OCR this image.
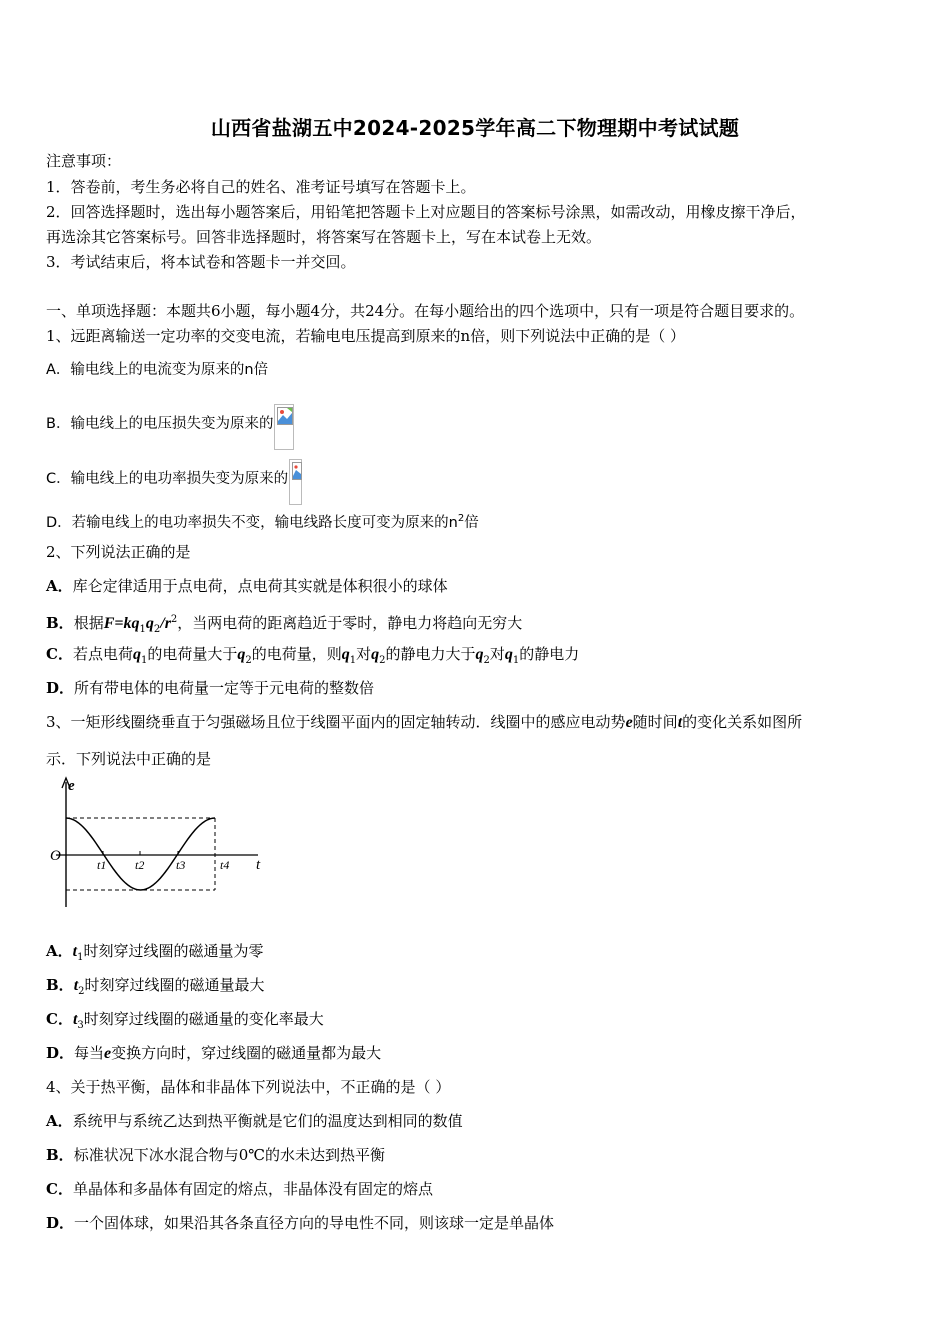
山西省盐湖五中2024-2025学年高二下物理期中考试试题
注意事项：
1．答卷前，考生务必将自己的姓名、准考证号填写在答题卡上。
2．回答选择题时，选出每小题答案后，用铅笔把答题卡上对应题目的答案标号涂黑，如需改动，用橡皮擦干净后，
再选涂其它答案标号。回答非选择题时，将答案写在答题卡上，写在本试卷上无效。
3．考试结束后，将本试卷和答题卡一并交回。
一、单项选择题：本题共6小题，每小题4分，共24分。在每小题给出的四个选项中，只有一项是符合题目要求的。
1、远距离输送一定功率的交变电流，若输电电压提高到原来的n倍，则下列说法中正确的是（ ）
A．输电线上的电流变为原来的n倍
B．输电线上的电压损失变为原来的
C．输电线上的电功率损失变为原来的
D．若输电线上的电功率损失不变，输电线路长度可变为原来的$n^2$倍
2、下列说法正确的是
A．库仑定律适用于点电荷，点电荷其实就是体积很小的球体
B．根据$F=kq_1q_2/r^2$，当两电荷的距离趋近于零时，静电力将趋向无穷大
C．若点电荷$q_1$的电荷量大于$q_2$的电荷量，则$q_1$对$q_2$的静电力大于$q_2$对$q_1$的静电力
D．所有带电体的电荷量一定等于元电荷的整数倍
3、一矩形线圈绕垂直于匀强磁场且位于线圈平面内的固定轴转动．线圈中的感应电动势e随时间t的变化关系如图所
示．下列说法中正确的是
e
O
t
t1 t2	t3	t4
A．$t_1$时刻穿过线圈的磁通量为零
B．$t_2$时刻穿过线圈的磁通量最大
C．$t_3$时刻穿过线圈的磁通量的变化率最大
D．每当e变换方向时，穿过线圈的磁通量都为最大
4、关于热平衡，晶体和非晶体下列说法中，不正确的是（ ）
A．系统甲与系统乙达到热平衡就是它们的温度达到相同的数值
B．标准状况下冰水混合物与0℃的水未达到热平衡
C．单晶体和多晶体有固定的熔点，非晶体没有固定的熔点
D．一个固体球，如果沿其各条直径方向的导电性不同，则该球一定是单晶体
